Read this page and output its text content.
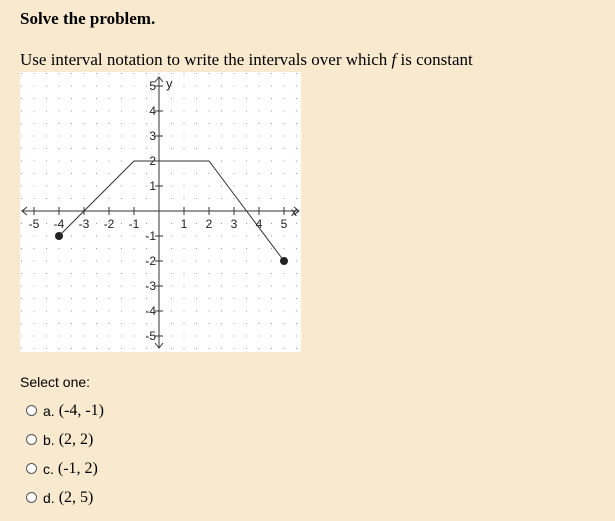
Solve the problem.
Use interval notation to write the intervals over which f is constant
-5 -4 -3 -2 -1	1 2 3 4 5
5
4
3
2
1
-1
-2
-3
-4
-5
x
y
Select one:
a. (-4, -1)
b. (2, 2)
c. (-1, 2)
d. (2, 5)
